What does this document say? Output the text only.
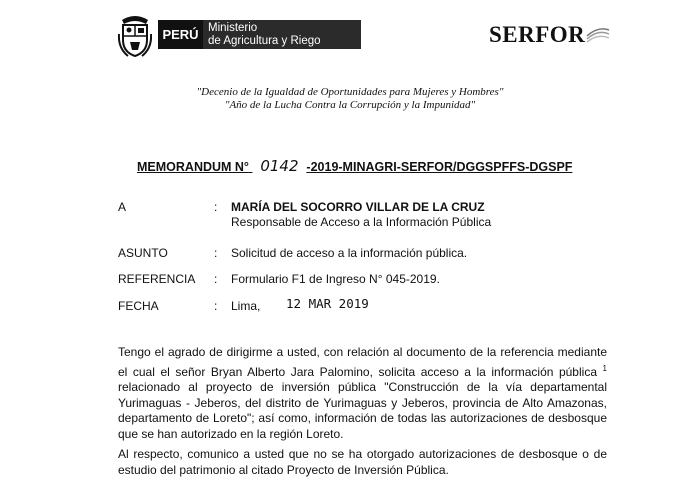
PERÚ Ministerio
de Agricultura y Riego	SERFOR
"Decenio de la Igualdad de Oportunidades para Mujeres y Hombres"
"Año de la Lucha Contra la Corrupción y la Impunidad"
MEMORANDUM N° 0142 -2019-MINAGRI-SERFOR/DGGSPFFS-DGSPF
A	: MARÍA DEL SOCORRO VILLAR DE LA CRUZ
Responsable de Acceso a la Información Pública
ASUNTO	: Solicitud de acceso a la información pública.
REFERENCIA : Formulario F1 de Ingreso N° 045-2019.
FECHA	: Lima, 12 MAR 2019
Tengo el agrado de dirigirme a usted, con relación al documento de la referencia mediante el cual el señor Bryan Alberto Jara Palomino, solicita acceso a la información pública $^1$ relacionado al proyecto de inversión pública "Construcción de la vía departamental Yurimaguas - Jeberos, del distrito de Yurimaguas y Jeberos, provincia de Alto Amazonas, departamento de Loreto"; así como, información de todas las autorizaciones de desbosque que se han autorizado en la región Loreto.
Al respecto, comunico a usted que no se ha otorgado autorizaciones de desbosque o de estudio del patrimonio al citado Proyecto de Inversión Pública.
